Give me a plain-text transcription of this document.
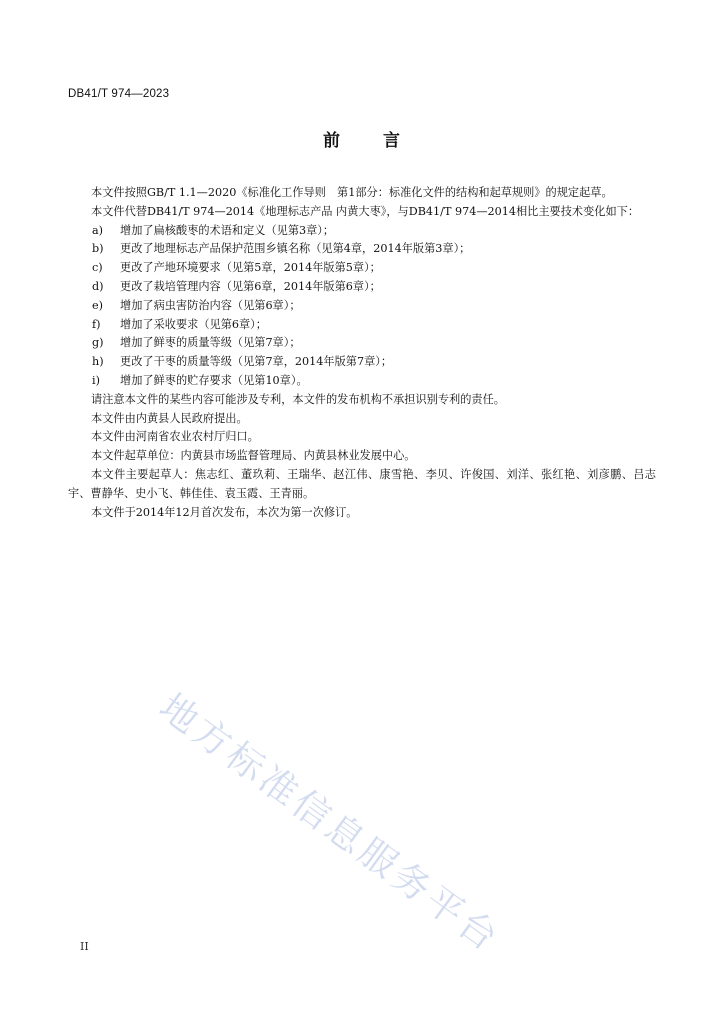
DB41/T 974—2023
前 言

本文件按照GB/T 1.1—2020《标准化工作导则　第1部分：标准化文件的结构和起草规则》的规定起草。

本文件代替DB41/T 974—2014《地理标志产品 内黄大枣》，与DB41/T 974—2014相比主要技术变化如下：

a)	增加了扁核酸枣的术语和定义（见第3章）；
b)	更改了地理标志产品保护范围乡镇名称（见第4章，2014年版第3章）；
c)	更改了产地环境要求（见第5章，2014年版第5章）；
d)	更改了栽培管理内容（见第6章，2014年版第6章）；
e)	增加了病虫害防治内容（见第6章）；
f)	增加了采收要求（见第6章）；
g)	增加了鲜枣的质量等级（见第7章）；
h)	更改了干枣的质量等级（见第7章，2014年版第7章）；
i)	增加了鲜枣的贮存要求（见第10章）。

请注意本文件的某些内容可能涉及专利，本文件的发布机构不承担识别专利的责任。

本文件由内黄县人民政府提出。

本文件由河南省农业农村厅归口。

本文件起草单位：内黄县市场监督管理局、内黄县林业发展中心。

本文件主要起草人：焦志红、董玖莉、王瑞华、赵江伟、康雪艳、李贝、许俊国、刘洋、张红艳、刘彦鹏、吕志宇、曹静华、史小飞、韩佳佳、袁玉霞、王青丽。

本文件于2014年12月首次发布，本次为第一次修订。

地方标准信息服务平台
II
